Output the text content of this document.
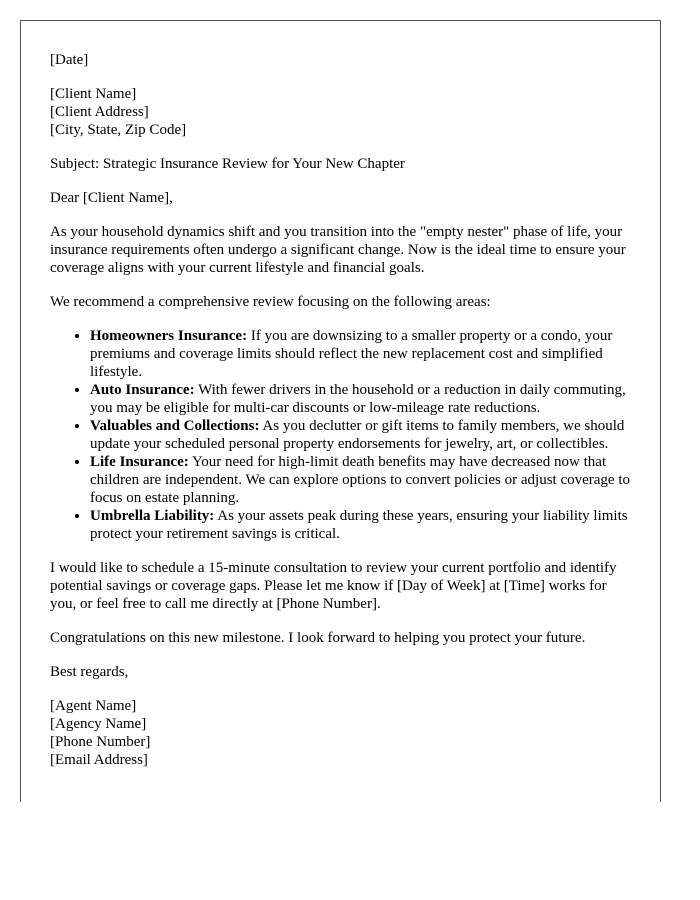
[Date]

[Client Name]
[Client Address]
[City, State, Zip Code]

Subject: Strategic Insurance Review for Your New Chapter

Dear [Client Name],

As your household dynamics shift and you transition into the "empty nester" phase of life, your insurance requirements often undergo a significant change. Now is the ideal time to ensure your coverage aligns with your current lifestyle and financial goals.

We recommend a comprehensive review focusing on the following areas:

• Homeowners Insurance: If you are downsizing to a smaller property or a condo, your premiums and coverage limits should reflect the new replacement cost and simplified lifestyle.
• Auto Insurance: With fewer drivers in the household or a reduction in daily commuting, you may be eligible for multi-car discounts or low-mileage rate reductions.
• Valuables and Collections: As you declutter or gift items to family members, we should update your scheduled personal property endorsements for jewelry, art, or collectibles.
• Life Insurance: Your need for high-limit death benefits may have decreased now that children are independent. We can explore options to convert policies or adjust coverage to focus on estate planning.
• Umbrella Liability: As your assets peak during these years, ensuring your liability limits protect your retirement savings is critical.

I would like to schedule a 15-minute consultation to review your current portfolio and identify potential savings or coverage gaps. Please let me know if [Day of Week] at [Time] works for you, or feel free to call me directly at [Phone Number].

Congratulations on this new milestone. I look forward to helping you protect your future.

Best regards,

[Agent Name]
[Agency Name]
[Phone Number]
[Email Address]
